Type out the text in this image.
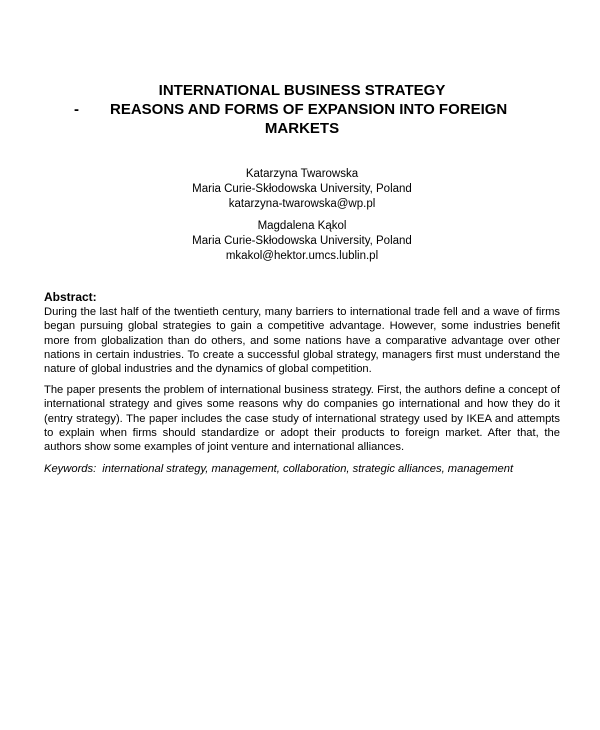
INTERNATIONAL BUSINESS STRATEGY
- REASONS AND FORMS OF EXPANSION INTO FOREIGN
MARKETS
Katarzyna Twarowska
Maria Curie-Skłodowska University, Poland
katarzyna-twarowska@wp.pl
Magdalena Kąkol
Maria Curie-Skłodowska University, Poland
mkakol@hektor.umcs.lublin.pl
Abstract:
During the last half of the twentieth century, many barriers to international trade fell and a wave of firms began pursuing global strategies to gain a competitive advantage. However, some industries benefit more from globalization than do others, and some nations have a comparative advantage over other nations in certain industries. To create a successful global strategy, managers first must understand the nature of global industries and the dynamics of global competition.
The paper presents the problem of international business strategy. First, the authors define a concept of international strategy and gives some reasons why do companies go international and how they do it (entry strategy). The paper includes the case study of international strategy used by IKEA and attempts to explain when firms should standardize or adopt their products to foreign market. After that, the authors show some examples of joint venture and international alliances.
Keywords: international strategy, management, collaboration, strategic alliances, management
